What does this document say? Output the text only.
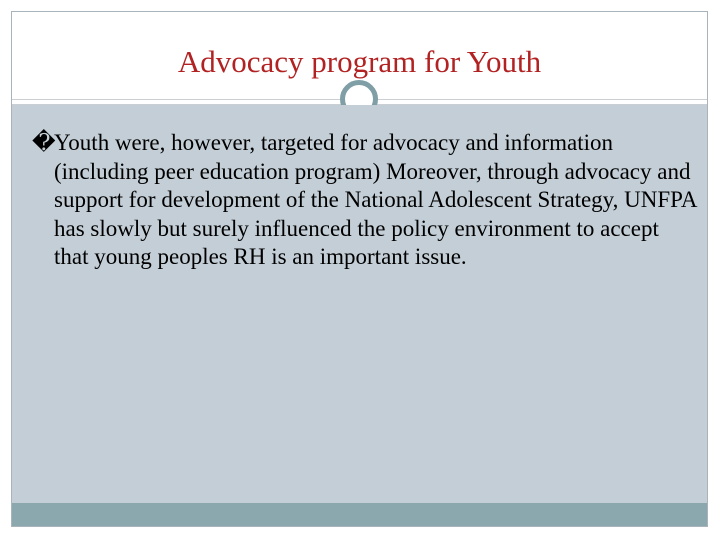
Advocacy program for Youth

�Youth were, however, targeted for advocacy and information (including peer education program) Moreover, through advocacy and support for development of the National Adolescent Strategy, UNFPA has slowly but surely influenced the policy environment to accept that young peoples RH is an important issue.
